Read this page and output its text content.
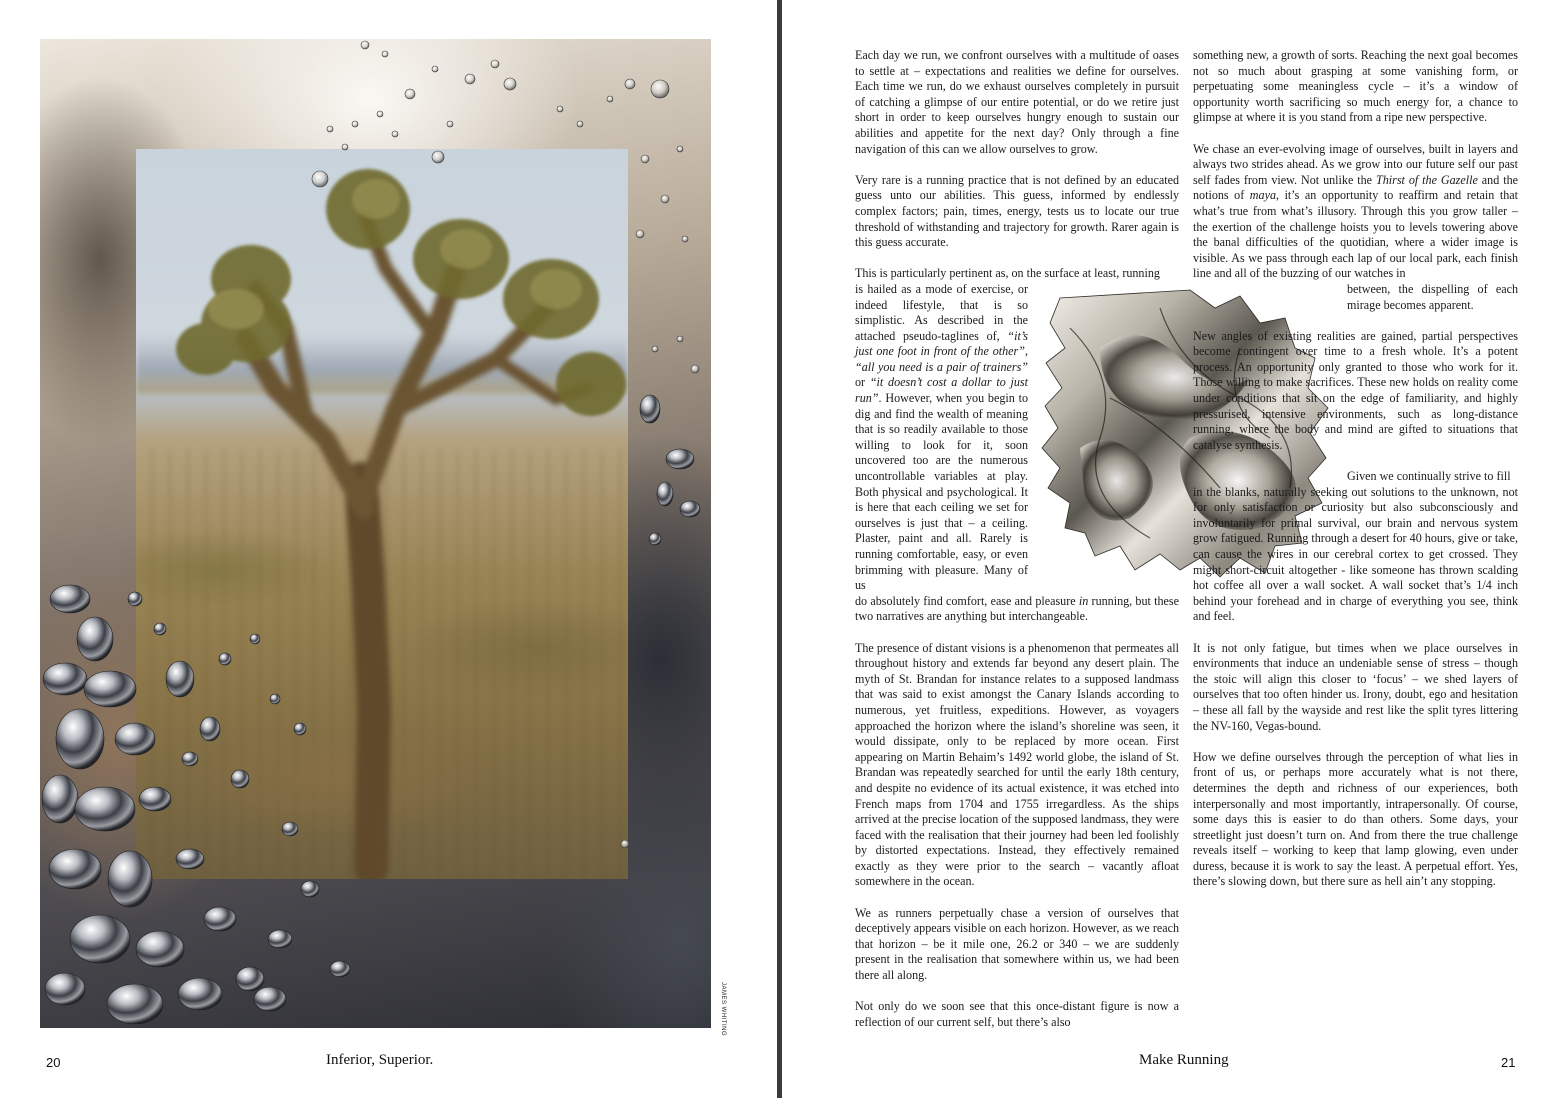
JAMES WHITING
20	Inferior, Superior.

Each day we run, we confront ourselves with a multitude of oases to settle at – expectations and realities we define for ourselves. Each time we run, do we exhaust ourselves completely in pursuit of catching a glimpse of our entire potential, or do we retire just short in order to keep ourselves hungry enough to sustain our abilities and appetite for the next day? Only through a fine navigation of this can we allow ourselves to grow.

Very rare is a running practice that is not defined by an educated guess unto our abilities. This guess, informed by endlessly complex factors; pain, times, energy, tests us to locate our true threshold of withstanding and trajectory for growth. Rarer again is this guess accurate.

This is particularly pertinent as, on the surface at least, running
is hailed as a mode of exercise, or indeed lifestyle, that is so simplistic. As described in the attached pseudo-taglines of, “it’s just one foot in front of the other”, “all you need is a pair of trainers” or “it doesn’t cost a dollar to just run”. However, when you begin to dig and find the wealth of meaning that is so readily available to those willing to look for it, soon uncovered too are the numerous uncontrollable variables at play. Both physical and psychological. It is here that each ceiling we set for ourselves is just that – a ceiling. Plaster, paint and all. Rarely is running comfortable, easy, or even brimming with pleasure. Many of us
do absolutely find comfort, ease and pleasure in running, but these two narratives are anything but interchangeable.

The presence of distant visions is a phenomenon that permeates all throughout history and extends far beyond any desert plain. The myth of St. Brandan for instance relates to a supposed landmass that was said to exist amongst the Canary Islands according to numerous, yet fruitless, expeditions. However, as voyagers approached the horizon where the island’s shoreline was seen, it would dissipate, only to be replaced by more ocean. First appearing on Martin Behaim’s 1492 world globe, the island of St. Brandan was repeatedly searched for until the early 18th century, and despite no evidence of its actual existence, it was etched into French maps from 1704 and 1755 irregardless. As the ships arrived at the precise location of the supposed landmass, they were faced with the realisation that their journey had been led foolishly by distorted expectations. Instead, they effectively remained exactly as they were prior to the search – vacantly afloat somewhere in the ocean.

We as runners perpetually chase a version of ourselves that deceptively appears visible on each horizon. However, as we reach that horizon – be it mile one, 26.2 or 340 – we are suddenly present in the realisation that somewhere within us, we had been there all along.

Not only do we soon see that this once-distant figure is now a reflection of our current self, but there’s also

something new, a growth of sorts. Reaching the next goal becomes not so much about grasping at some vanishing form, or perpetuating some meaningless cycle – it’s a window of opportunity worth sacrificing so much energy for, a chance to glimpse at where it is you stand from a ripe new perspective.

We chase an ever-evolving image of ourselves, built in layers and always two strides ahead. As we grow into our future self our past self fades from view. Not unlike the Thirst of the Gazelle and the notions of maya, it’s an opportunity to reaffirm and retain that what’s true from what’s illusory. Through this you grow taller – the exertion of the challenge hoists you to levels towering above the banal difficulties of the quotidian, where a wider image is visible. As we pass through each lap of our local park, each finish line and all of the buzzing of our watches in
between, the dispelling of each mirage becomes apparent.

New angles of existing realities are gained, partial perspectives become contingent over time to a fresh whole. It’s a potent process. An opportunity only granted to those who work for it. Those willing to make sacrifices. These new holds on reality come under conditions that sit on the edge of familiarity, and highly pressurised, intensive environments, such as long-distance running, where the body and mind are gifted to situations that catalyse synthesis.

Given we continually strive to fill
in the blanks, naturally seeking out solutions to the unknown, not for only satisfaction or curiosity but also subconsciously and involuntarily for primal survival, our brain and nervous system grow fatigued. Running through a desert for 40 hours, give or take, can cause the wires in our cerebral cortex to get crossed. They might short-circuit altogether - like someone has thrown scalding hot coffee all over a wall socket. A wall socket that’s 1/4 inch behind your forehead and in charge of everything you see, think and feel.

It is not only fatigue, but times when we place ourselves in environments that induce an undeniable sense of stress – though the stoic will align this closer to ‘focus’ – we shed layers of ourselves that too often hinder us. Irony, doubt, ego and hesitation – these all fall by the wayside and rest like the split tyres littering the NV-160, Vegas-bound.

How we define ourselves through the perception of what lies in front of us, or perhaps more accurately what is not there, determines the depth and richness of our experiences, both interpersonally and most importantly, intrapersonally. Of course, some days this is easier to do than others. Some days, your streetlight just doesn’t turn on. And from there the true challenge reveals itself – working to keep that lamp glowing, even under duress, because it is work to say the least. A perpetual effort. Yes, there’s slowing down, but there sure as hell ain’t any stopping.

Make Running	21
